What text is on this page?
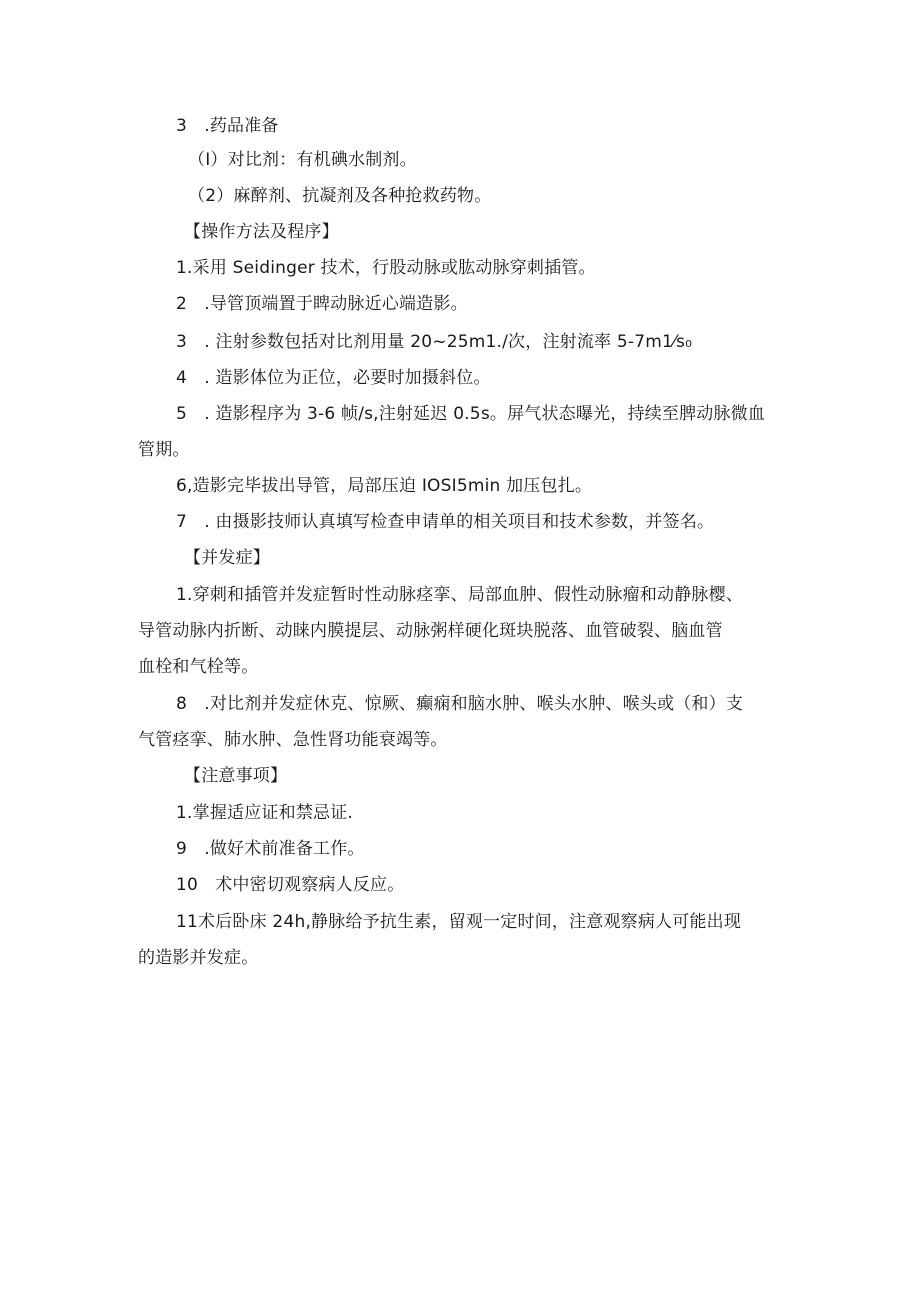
3　.药品准备
（I）对比剂：有机碘水制剂。
（2）麻醉剂、抗凝剂及各种抢救药物。
【操作方法及程序】
1.采用 Seidinger 技术，行股动脉或肱动脉穿刺插管。
2　.导管顶端置于睥动脉近心端造影。
3　. 注射参数包括对比剂用量 20~25m1./次，注射流率 5-7m1⁄s₀
4　. 造影体位为正位，必要时加摄斜位。
5　. 造影程序为 3-6 帧/s,注射延迟 0.5s。屏气状态曝光，持续至脾动脉微血
管期。
6,造影完毕拔出导管，局部压迫 IOSI5min 加压包扎。
7　. 由摄影技师认真填写检查申请单的相关项目和技术参数，并签名。
【并发症】
1.穿刺和插管并发症暂时性动脉痉挛、局部血肿、假性动脉瘤和动静脉樱、
导管动脉内折断、动睐内膜提层、动脉粥样硬化斑块脱落、血管破裂、脑血管
血栓和气栓等。
8　.对比剂并发症休克、惊厥、癫痫和脑水肿、喉头水肿、喉头或（和）支
气管痉挛、肺水肿、急性肾功能衰竭等。
【注意事项】
1.掌握适应证和禁忌证.
9　.做好术前准备工作。
10　术中密切观察病人反应。
11术后卧床 24h,静脉给予抗生素，留观一定时间，注意观察病人可能出现
的造影并发症。
